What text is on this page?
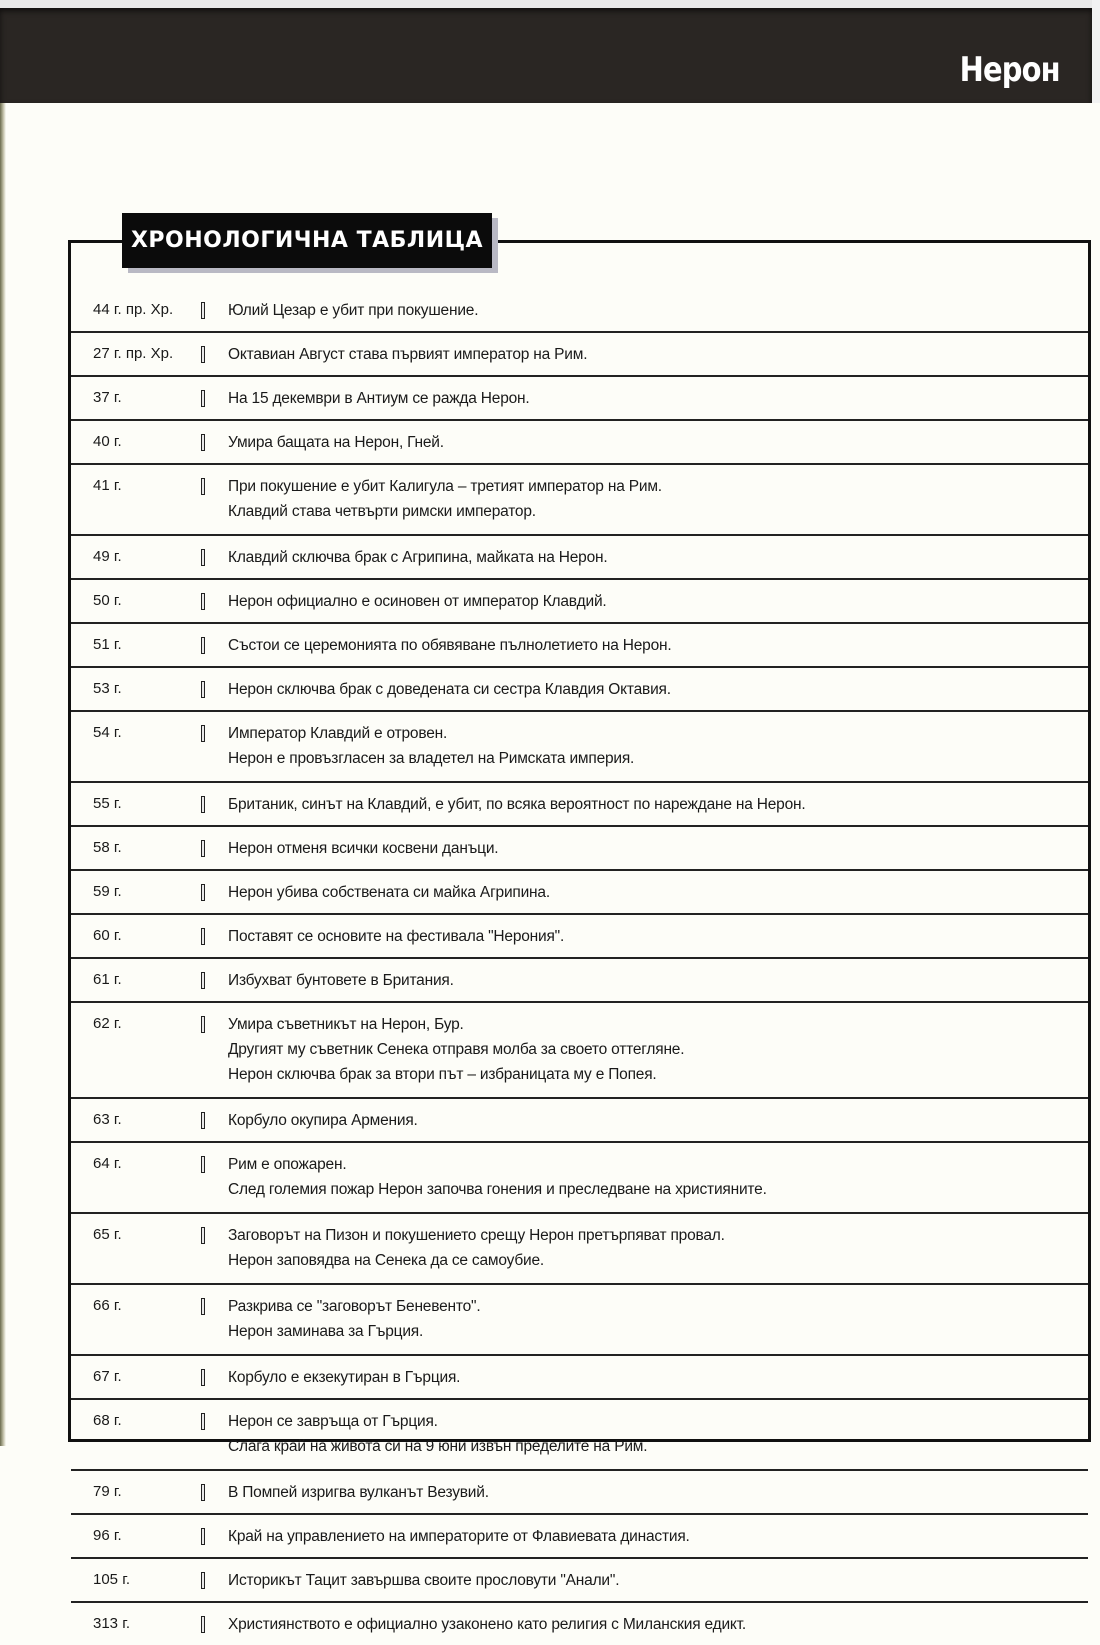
Нерон
ХРОНОЛОГИЧНА ТАБЛИЦА
44 г. пр. Хр.	Юлий Цезар е убит при покушение.
27 г. пр. Хр.	Октавиан Август става първият император на Рим.
37 г.	На 15 декември в Антиум се ражда Нерон.
40 г.	Умира бащата на Нерон, Гней.
41 г.	При покушение е убит Калигула – третият император на Рим.
Клавдий става четвърти римски император.
49 г.	Клавдий сключва брак с Агрипина, майката на Нерон.
50 г.	Нерон официално е осиновен от император Клавдий.
51 г.	Състои се церемонията по обявяване пълнолетието на Нерон.
53 г.	Нерон сключва брак с доведената си сестра Клавдия Октавия.
54 г.	Император Клавдий е отровен.
Нерон е провъзгласен за владетел на Римската империя.
55 г.	Британик, синът на Клавдий, е убит, по всяка вероятност по нареждане на Нерон.
58 г.	Нерон отменя всички косвени данъци.
59 г.	Нерон убива собствената си майка Агрипина.
60 г.	Поставят се основите на фестивала "Нерония".
61 г.	Избухват бунтовете в Британия.
62 г.	Умира съветникът на Нерон, Бур.
Другият му съветник Сенека отправя молба за своето оттегляне.
Нерон сключва брак за втори път – избраницата му е Попея.
63 г.	Корбуло окупира Армения.
64 г.	Рим е опожарен.
След големия пожар Нерон започва гонения и преследване на християните.
65 г.	Заговорът на Пизон и покушението срещу Нерон претърпяват провал.
Нерон заповядва на Сенека да се самоубие.
66 г.	Разкрива се "заговорът Беневенто".
Нерон заминава за Гърция.
67 г.	Корбуло е екзекутиран в Гърция.
68 г.	Нерон се завръща от Гърция.
Слага край на живота си на 9 юни извън пределите на Рим.
79 г.	В Помпей изригва вулканът Везувий.
96 г.	Край на управлението на императорите от Флавиевата династия.
105 г.	Историкът Тацит завършва своите прословути "Анали".
313 г.	Християнството е официално узаконено като религия с Миланския едикт.
